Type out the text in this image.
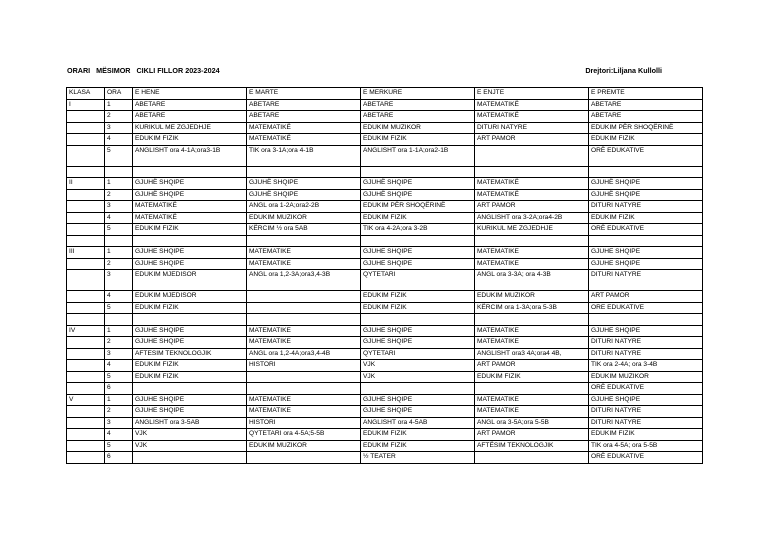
ORARI   MËSIMOR   CIKLI FILLOR 2023-2024	Drejtori:Liljana Kullolli
KLASA	ORA	E HENE	E MARTE	E MERKURE	E ENJTE	E PREMTE
I	1	ABETARE	ABETARE	ABETARE	MATEMATIKË	ABETARE
	2	ABETARE	ABETARE	ABETARE	MATEMATIKË	ABETARE
	3	KURIKUL ME ZGJEDHJE	MATEMATIKË	EDUKIM MUZIKOR	DITURI NATYRE	EDUKIM PËR SHOQËRINË
	4	EDUKIM FIZIK	MATEMATIKË	EDUKIM FIZIK	ART PAMOR	EDUKIM FIZIK
	5	ANGLISHT ora 4-1A;ora3-1B	TIK ora 3-1A;ora 4-1B	ANGLISHT ora 1-1A;ora2-1B		ORË EDUKATIVE

II	1	GJUHË SHQIPE	GJUHË SHQIPE	GJUHË SHQIPE	MATEMATIKË	GJUHË SHQIPE
	2	GJUHË SHQIPE	GJUHË SHQIPE	GJUHË SHQIPE	MATEMATIKË	GJUHË SHQIPE
	3	MATEMATIKË	ANGL ora 1-2A;ora2-2B	EDUKIM PËR SHOQËRINË	ART PAMOR	DITURI NATYRE
	4	MATEMATIKË	EDUKIM MUZIKOR	EDUKIM FIZIK	ANGLISHT ora 3-2A;ora4-2B	EDUKIM FIZIK
	5	EDUKIM FIZIK	KËRCIM ½ ora 5AB	TIK ora 4-2A;ora 3-2B	KURIKUL ME ZGJEDHJE	ORË EDUKATIVE

III	1	GJUHE SHQIPE	MATEMATIKE	GJUHE SHQIPE	MATEMATIKE	GJUHE SHQIPE
	2	GJUHE SHQIPE	MATEMATIKE	GJUHE SHQIPE	MATEMATIKE	GJUHE SHQIPE
	3	EDUKIM MJEDISOR	ANGL ora 1,2-3A;ora3,4-3B	QYTETARI	ANGL ora 3-3A; ora 4-3B	DITURI NATYRE
	4	EDUKIM MJEDISOR		EDUKIM FIZIK	EDUKIM MUZIKOR	ART PAMOR
	5	EDUKIM FIZIK		EDUKIM FIZIK	KËRCIM ora 1-3A;ora 5-3B	ORE EDUKATIVE

IV	1	GJUHE SHQIPE	MATEMATIKE	GJUHE SHQIPE	MATEMATIKE	GJUHE SHQIPE
	2	GJUHE SHQIPE	MATEMATIKE	GJUHE SHQIPE	MATEMATIKE	DITURI NATYRE
	3	AFTESIM TEKNOLOGJIK	ANGL ora 1,2-4A;ora3,4-4B	QYTETARI	ANGLISHT ora3 4A;ora4 4B,	DITURI NATYRE
	4	EDUKIM FIZIK	HISTORI	VJK	ART PAMOR	TIK ora 2-4A; ora 3-4B
	5	EDUKIM FIZIK		VJK	EDUKIM FIZIK	EDUKIM MUZIKOR
	6					ORË EDUKATIVE
V	1	GJUHE SHQIPE	MATEMATIKE	GJUHE SHQIPE	MATEMATIKE	GJUHE SHQIPE
	2	GJUHE SHQIPE	MATEMATIKE	GJUHE SHQIPE	MATEMATIKE	DITURI NATYRE
	3	ANGLISHT ora 3-5AB	HISTORI	ANGLISHT ora 4-5AB	ANGL ora 3-5A;ora 5-5B	DITURI NATYRE
	4	VJK	QYTETARI ora 4-5A;5-5B	EDUKIM FIZIK	ART PAMOR	EDUKIM FIZIK
	5	VJK	EDUKIM MUZIKOR	EDUKIM FIZIK	AFTËSIM TEKNOLOGJIK	TIK ora 4-5A; ora 5-5B
	6			½ TEATER		ORË EDUKATIVE
